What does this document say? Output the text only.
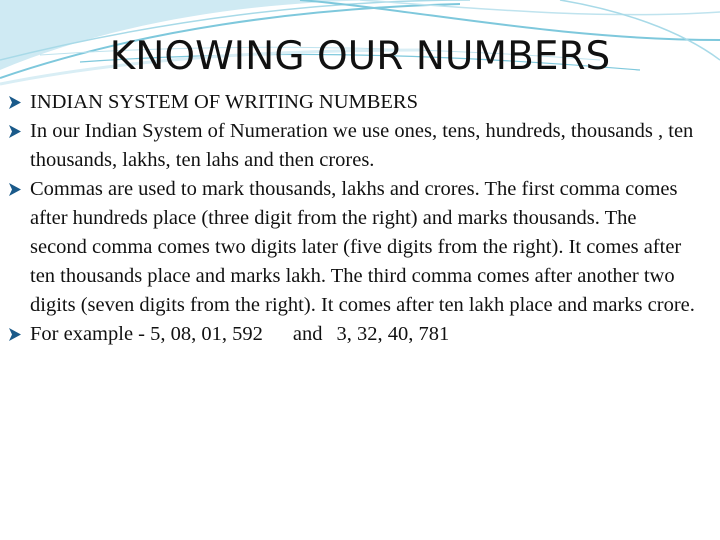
KNOWING OUR NUMBERS

INDIAN SYSTEM OF WRITING NUMBERS

In our Indian System of Numeration we use ones, tens, hundreds, thousands , ten thousands, lakhs, ten lahs and then crores.

Commas are used to mark thousands, lakhs and crores. The first comma comes after hundreds place (three digit from the right) and marks thousands. The second comma comes two digits later (five digits from the right). It comes after ten thousands place and marks lakh. The third comma comes after another two digits (seven digits from the right). It comes after ten lakh place and marks crore.

For example - 5, 08, 01, 592 and 3, 32, 40, 781
